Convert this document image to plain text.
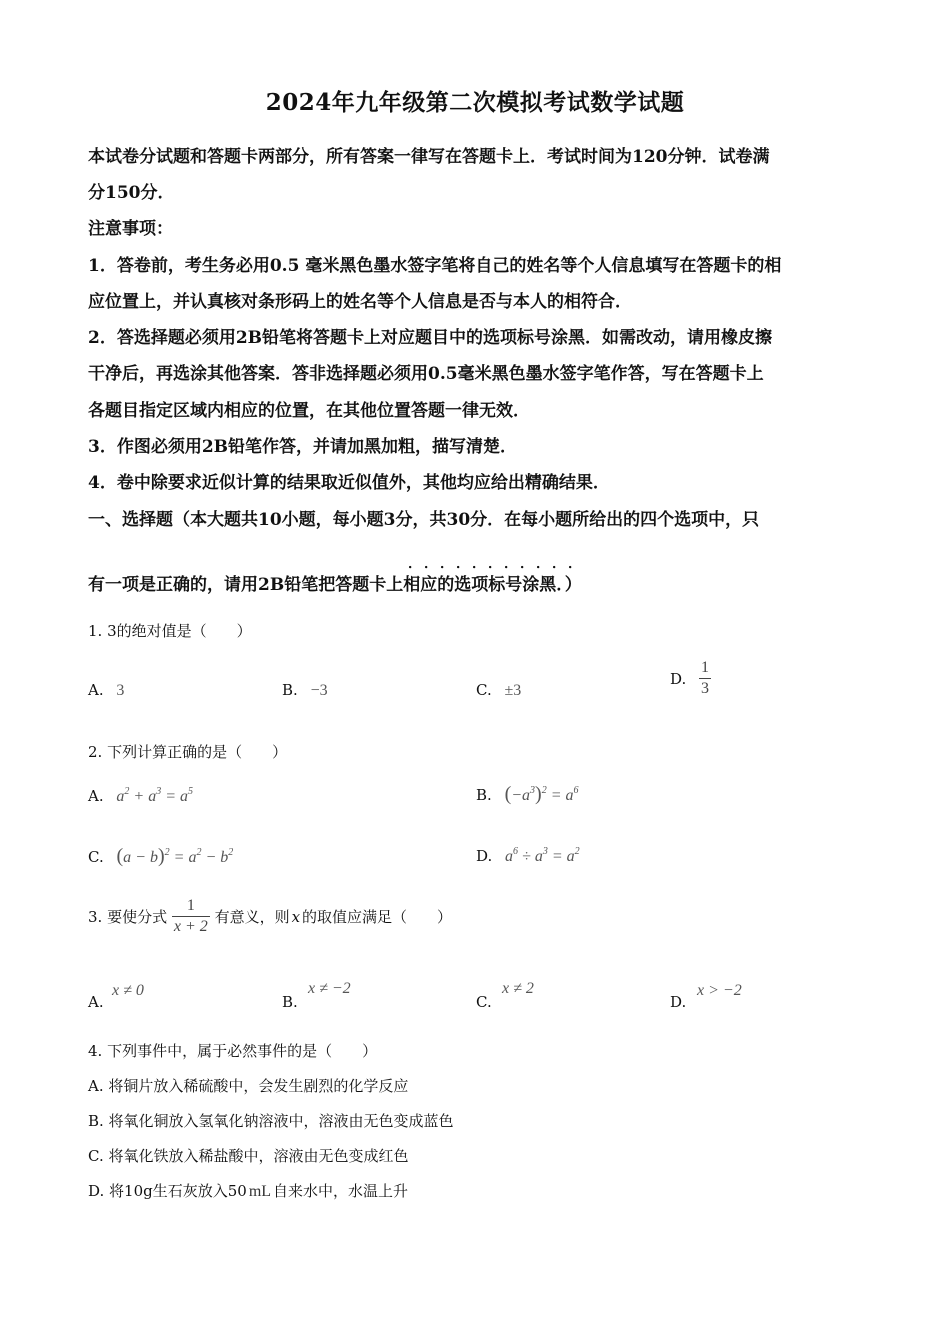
2024年九年级第二次模拟考试数学试题
本试卷分试题和答题卡两部分，所有答案一律写在答题卡上．考试时间为120分钟．试卷满
分150分．
注意事项：
1．答卷前，考生务必用0.5 毫米黑色墨水签字笔将自己的姓名等个人信息填写在答题卡的相
应位置上，并认真核对条形码上的姓名等个人信息是否与本人的相符合．
2．答选择题必须用2B铅笔将答题卡上对应题目中的选项标号涂黑．如需改动，请用橡皮擦
干净后，再选涂其他答案．答非选择题必须用0.5毫米黑色墨水签字笔作答，写在答题卡上
各题目指定区域内相应的位置，在其他位置答题一律无效．
3．作图必须用2B铅笔作答，并请加黑加粗，描写清楚．
4．卷中除要求近似计算的结果取近似值外，其他均应给出精确结果．
一、选择题（本大题共10小题，每小题3分，共30分．在每小题所给出的四个选项中，只
．．．．．．．．．．．
有一项是正确的，请用2B铅笔把答题卡上相应的选项标号涂黑．）
1. 3的绝对值是（　　）
A. 3	B. −3	C. ±3
D. $\frac{1}{3}$
2. 下列计算正确的是（　　）
A. $a^2 + a^3 = a^5$	B. $(-a^3)^2 = a^6$
C. $(a - b)^2 = a^2 - b^2$	D. $a^6 \div a^3 = a^2$
3. 要使分式 $\frac{1}{x + 2}$ 有意义，则 x 的取值应满足（　　）
A.
x ≠ 0
B.
x ≠ −2
C.
x ≠ 2
D.
x > −2
4. 下列事件中，属于必然事件的是（　　）
A. 将铜片放入稀硫酸中，会发生剧烈的化学反应
B. 将氧化铜放入氢氧化钠溶液中，溶液由无色变成蓝色
C. 将氧化铁放入稀盐酸中，溶液由无色变成红色
D. 将10g生石灰放入50 mL 自来水中，水温上升
